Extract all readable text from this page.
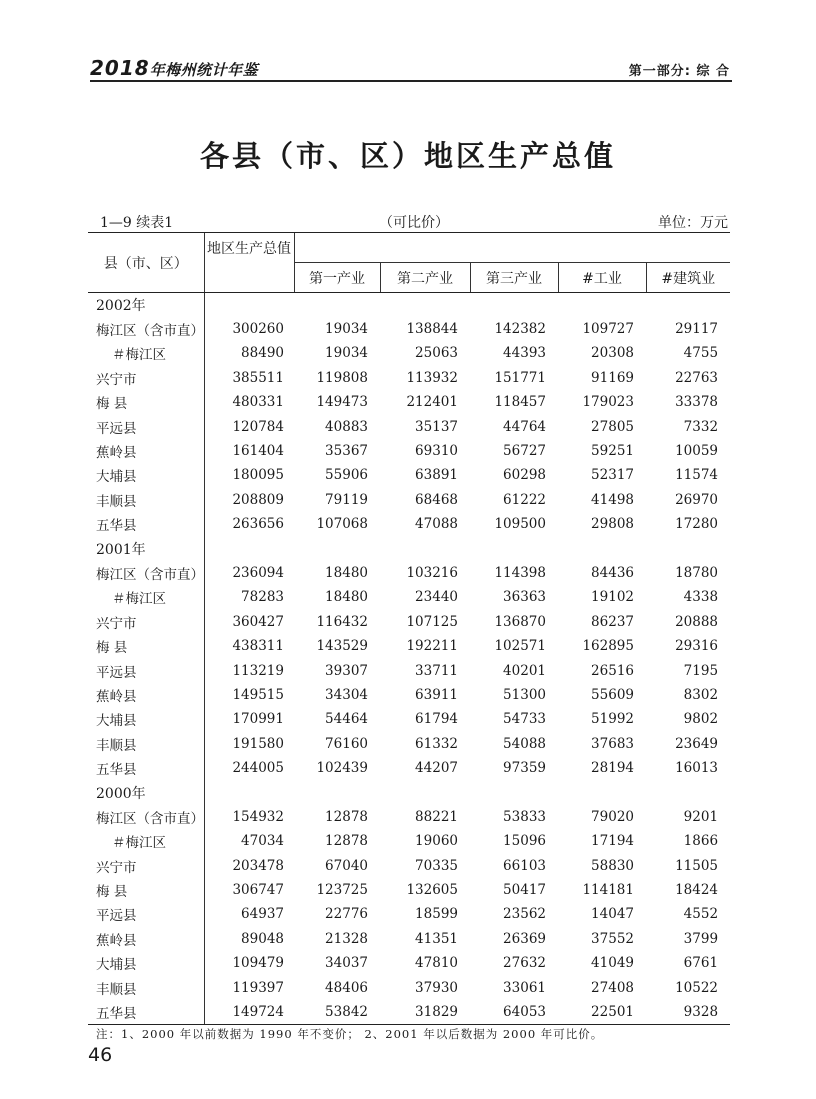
2018年梅州统计年鉴	第一部分: 综 合
各县（市、区）地区生产总值
1—9 续表1	（可比价）	单位：万元
县（市、区）	地区生产总值					
		第一产业	第二产业	第三产业	#工业	#建筑业
2002年						
梅江区（含市直）	300260	19034	138844	142382	109727	29117
＃梅江区	88490	19034	25063	44393	20308	4755
兴宁市	385511	119808	113932	151771	91169	22763
梅 县	480331	149473	212401	118457	179023	33378
平远县	120784	40883	35137	44764	27805	7332
蕉岭县	161404	35367	69310	56727	59251	10059
大埔县	180095	55906	63891	60298	52317	11574
丰顺县	208809	79119	68468	61222	41498	26970
五华县	263656	107068	47088	109500	29808	17280
2001年						
梅江区（含市直）	236094	18480	103216	114398	84436	18780
＃梅江区	78283	18480	23440	36363	19102	4338
兴宁市	360427	116432	107125	136870	86237	20888
梅 县	438311	143529	192211	102571	162895	29316
平远县	113219	39307	33711	40201	26516	7195
蕉岭县	149515	34304	63911	51300	55609	8302
大埔县	170991	54464	61794	54733	51992	9802
丰顺县	191580	76160	61332	54088	37683	23649
五华县	244005	102439	44207	97359	28194	16013
2000年						
梅江区（含市直）	154932	12878	88221	53833	79020	9201
＃梅江区	47034	12878	19060	15096	17194	1866
兴宁市	203478	67040	70335	66103	58830	11505
梅 县	306747	123725	132605	50417	114181	18424
平远县	64937	22776	18599	23562	14047	4552
蕉岭县	89048	21328	41351	26369	37552	3799
大埔县	109479	34037	47810	27632	41049	6761
丰顺县	119397	48406	37930	33061	27408	10522
五华县	149724	53842	31829	64053	22501	9328
注：1、2000 年以前数据为 1990 年不变价； 2、2001 年以后数据为 2000 年可比价。
46
